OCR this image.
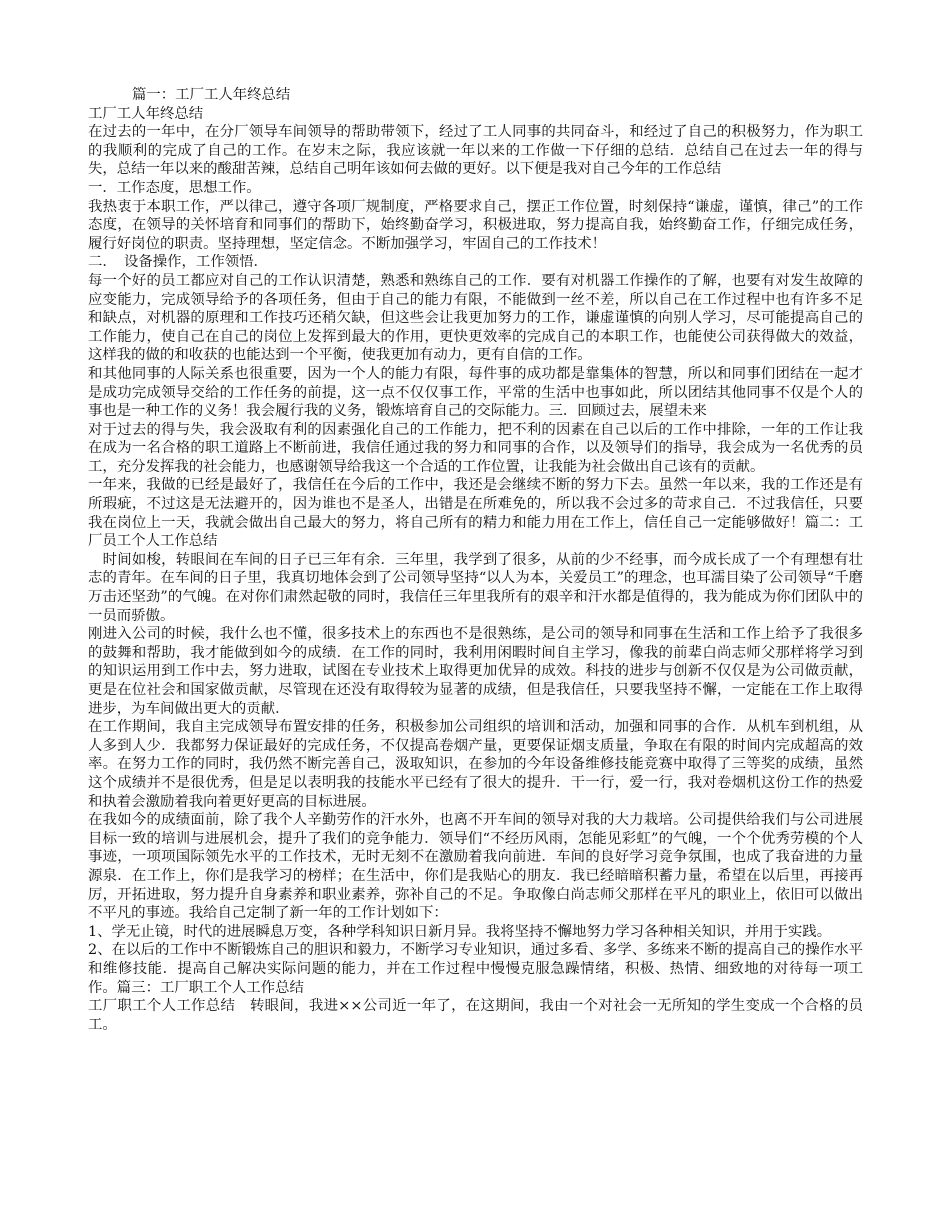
篇一：工厂工人年终总结

工厂工人年终总结

在过去的一年中，在分厂领导车间领导的帮助带领下，经过了工人同事的共同奋斗，和经过了自己的积极努力，作为职工的我顺利的完成了自己的工作。在岁末之际，我应该就一年以来的工作做一下仔细的总结．总结自己在过去一年的得与失，总结一年以来的酸甜苦辣，总结自己明年该如何去做的更好。以下便是我对自己今年的工作总结

一．工作态度，思想工作。

我热衷于本职工作，严以律己，遵守各项厂规制度，严格要求自己，摆正工作位置，时刻保持“谦虚，谨慎，律己”的工作态度，在领导的关怀培育和同事们的帮助下，始终勤奋学习，积极进取，努力提高自我，始终勤奋工作，仔细完成任务，履行好岗位的职责。坚持理想，坚定信念。不断加强学习，牢固自己的工作技术！

二．　设备操作，工作领悟．

每一个好的员工都应对自己的工作认识清楚，熟悉和熟练自己的工作．要有对机器工作操作的了解，也要有对发生故障的应变能力，完成领导给予的各项任务，但由于自己的能力有限，不能做到一丝不差，所以自己在工作过程中也有许多不足和缺点，对机器的原理和工作技巧还稍欠缺，但这些会让我更加努力的工作，谦虚谨慎的向别人学习，尽可能提高自己的工作能力，使自己在自己的岗位上发挥到最大的作用，更快更效率的完成自己的本职工作，也能使公司获得做大的效益，这样我的做的和收获的也能达到一个平衡，使我更加有动力，更有自信的工作。

和其他同事的人际关系也很重要，因为一个人的能力有限，每件事的成功都是靠集体的智慧，所以和同事们团结在一起才是成功完成领导交给的工作任务的前提，这一点不仅仅事工作，平常的生活中也事如此，所以团结其他同事不仅是个人的事也是一种工作的义务！我会履行我的义务，锻炼培育自己的交际能力。三．回顾过去，展望未来

对于过去的得与失，我会汲取有利的因素强化自己的工作能力，把不利的因素在自己以后的工作中排除，一年的工作让我在成为一名合格的职工道路上不断前进，我信任通过我的努力和同事的合作，以及领导们的指导，我会成为一名优秀的员工，充分发挥我的社会能力，也感谢领导给我这一个合适的工作位置，让我能为社会做出自己该有的贡献。

一年来，我做的已经是最好了，我信任在今后的工作中，我还是会继续不断的努力下去。虽然一年以来，我的工作还是有所瑕疵，不过这是无法避开的，因为谁也不是圣人，出错是在所难免的，所以我不会过多的苛求自己．不过我信任，只要我在岗位上一天，我就会做出自己最大的努力，将自己所有的精力和能力用在工作上，信任自己一定能够做好！篇二：工厂员工个人工作总结

　时间如梭，转眼间在车间的日子已三年有余．三年里，我学到了很多，从前的少不经事，而今成长成了一个有理想有壮志的青年。在车间的日子里，我真切地体会到了公司领导坚持“以人为本，关爱员工”的理念，也耳濡目染了公司领导“千磨万击还坚劲”的气魄。在对你们肃然起敬的同时，我信任三年里我所有的艰辛和汗水都是值得的，我为能成为你们团队中的一员而骄傲。

刚进入公司的时候，我什么也不懂，很多技术上的东西也不是很熟练，是公司的领导和同事在生活和工作上给予了我很多的鼓舞和帮助，我才能做到如今的成绩．在工作的同时，我利用闲暇时间自主学习，像我的前辈白尚志师父那样将学习到的知识运用到工作中去，努力进取，试图在专业技术上取得更加优异的成效。科技的进步与创新不仅仅是为公司做贡献，更是在位社会和国家做贡献，尽管现在还没有取得较为显著的成绩，但是我信任，只要我坚持不懈，一定能在工作上取得进步，为车间做出更大的贡献．

在工作期间，我自主完成领导布置安排的任务，积极参加公司组织的培训和活动，加强和同事的合作．从机车到机组，从人多到人少．我都努力保证最好的完成任务，不仅提高卷烟产量，更要保证烟支质量，争取在有限的时间内完成超高的效率。在努力工作的同时，我仍然不断完善自己，汲取知识，在参加的今年设备维修技能竞赛中取得了三等奖的成绩，虽然这个成绩并不是很优秀，但是足以表明我的技能水平已经有了很大的提升．干一行，爱一行，我对卷烟机这份工作的热爱和执着会激励着我向着更好更高的目标进展。

在我如今的成绩面前，除了我个人辛勤劳作的汗水外，也离不开车间的领导对我的大力栽培。公司提供给我们与公司进展目标一致的培训与进展机会，提升了我们的竞争能力．领导们“不经历风雨，怎能见彩虹”的气魄，一个个优秀劳模的个人事迹，一项项国际领先水平的工作技术，无时无刻不在激励着我向前进．车间的良好学习竞争氛围，也成了我奋进的力量源泉．在工作上，你们是我学习的榜样；在生活中，你们是我贴心的朋友．我已经暗暗积蓄力量，希望在以后里，再接再厉，开拓进取，努力提升自身素养和职业素养，弥补自己的不足。争取像白尚志师父那样在平凡的职业上，依旧可以做出不平凡的事迹。我给自己定制了新一年的工作计划如下：

1、学无止镜，时代的进展瞬息万变，各种学科知识日新月异。我将坚持不懈地努力学习各种相关知识，并用于实践。

2、在以后的工作中不断锻炼自己的胆识和毅力，不断学习专业知识，通过多看、多学、多练来不断的提高自己的操作水平和维修技能．提高自己解决实际问题的能力，并在工作过程中慢慢克服急躁情绪，积极、热情、细致地的对待每一项工作。篇三：工厂职工个人工作总结

工厂职工个人工作总结　转眼间，我进××公司近一年了，在这期间，我由一个对社会一无所知的学生变成一个合格的员工。
